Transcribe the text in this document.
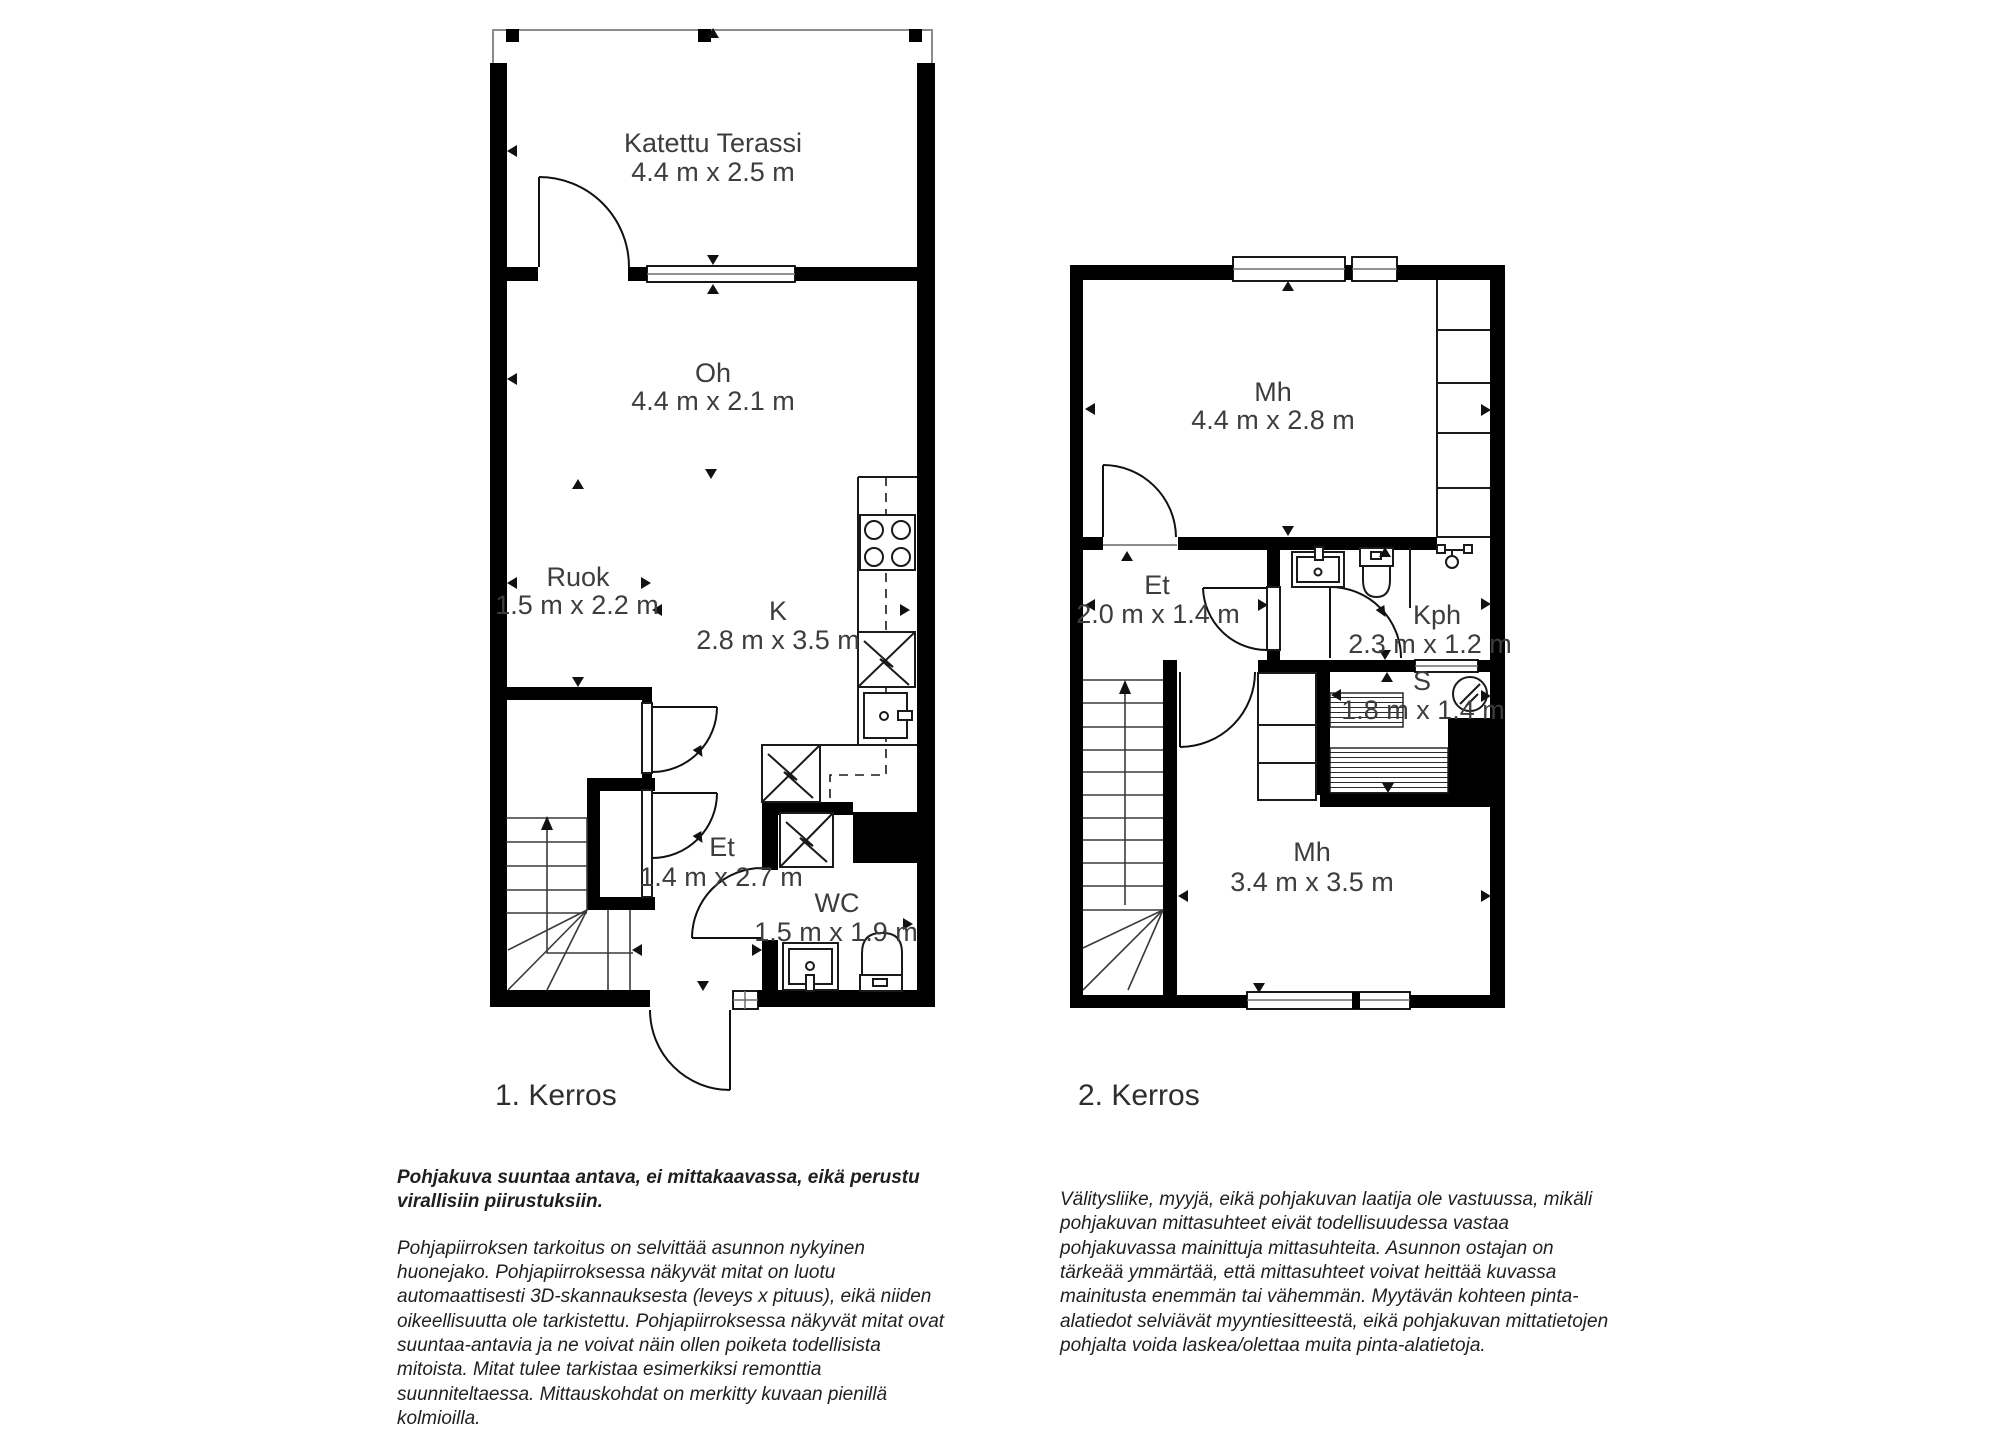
Katettu Terassi
4.4 m x 2.5 m
Oh
4.4 m x 2.1 m
Ruok
1.5 m x 2.2 m	K
2.8 m x 3.5 m
Et
1.4 m x 2.7 m
WC
1.5 m x 1.9 m
1. Kerros
Mh
4.4 m x 2.8 m
Et
2.0 m x 1.4 m	Kph
2.3 m x 1.2 m
S
1.8 m x 1.4 m
Mh
3.4 m x 3.5 m
2. Kerros
Pohjakuva suuntaa antava, ei mittakaavassa, eikä perustu virallisiin piirustuksiin.
Pohjapiirroksen tarkoitus on selvittää asunnon nykyinen huonejako. Pohjapiirroksessa näkyvät mitat on luotu automaattisesti 3D-skannauksesta (leveys x pituus), eikä niiden oikeellisuutta ole tarkistettu. Pohjapiirroksessa näkyvät mitat ovat suuntaa-antavia ja ne voivat näin ollen poiketa todellisista mitoista. Mitat tulee tarkistaa esimerkiksi remonttia suunniteltaessa. Mittauskohdat on merkitty kuvaan pienillä kolmioilla.
Välitysliike, myyjä, eikä pohjakuvan laatija ole vastuussa, mikäli pohjakuvan mittasuhteet eivät todellisuudessa vastaa pohjakuvassa mainittuja mittasuhteita. Asunnon ostajan on tärkeää ymmärtää, että mittasuhteet voivat heittää kuvassa mainitusta enemmän tai vähemmän. Myytävän kohteen pinta-alatiedot selviävät myyntiesitteestä, eikä pohjakuvan mittatietojen pohjalta voida laskea/olettaa muita pinta-alatietoja.
